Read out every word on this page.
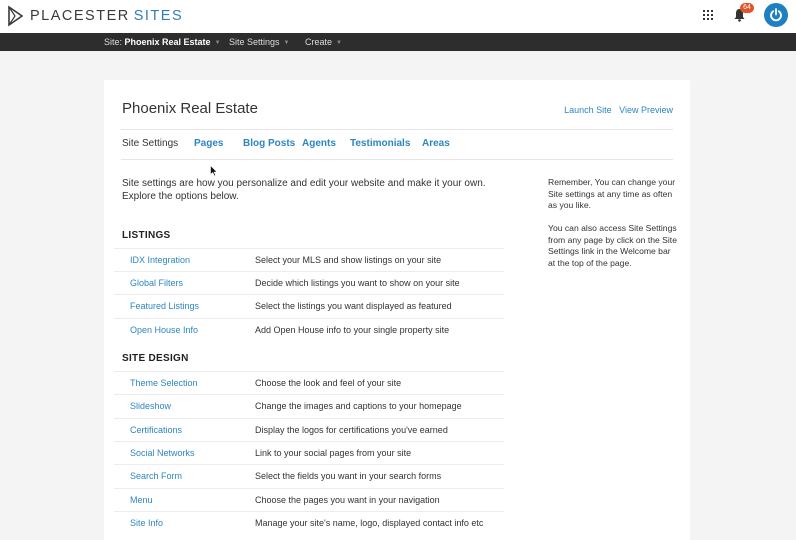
PLACESTER SITES
64
Site: Phoenix Real Estate ▼ Site Settings ▼ Create ▼
Phoenix Real Estate	Launch Site View Preview
Site Settings Pages Blog Posts Agents Testimonials Areas
Site settings are how you personalize and edit your website and make it your own. Explore the options below.
LISTINGS
IDX Integration	Select your MLS and show listings on your site
Global Filters	Decide which listings you want to show on your site
Featured Listings	Select the listings you want displayed as featured
Open House Info	Add Open House info to your single property site
SITE DESIGN
Theme Selection	Choose the look and feel of your site
Slideshow	Change the images and captions to your homepage
Certifications	Display the logos for certifications you've earned
Social Networks	Link to your social pages from your site
Search Form	Select the fields you want in your search forms
Menu	Choose the pages you want in your navigation
Site Info	Manage your site's name, logo, displayed contact info etc
Remember, You can change your Site settings at any time as often as you like.
You can also access Site Settings from any page by click on the Site Settings link in the Welcome bar at the top of the page.
